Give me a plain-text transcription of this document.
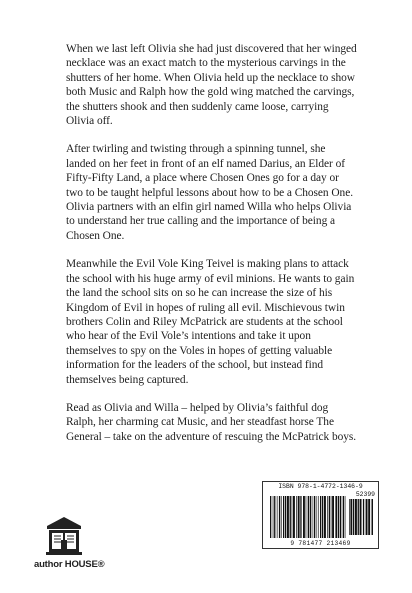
When we last left Olivia she had just discovered that her winged necklace was an exact match to the mysterious carvings in the shutters of her home. When Olivia held up the necklace to show both Music and Ralph how the gold wing matched the carvings, the shutters shook and then suddenly came loose, carrying Olivia off.

After twirling and twisting through a spinning tunnel, she landed on her feet in front of an elf named Darius, an Elder of Fifty-Fifty Land, a place where Chosen Ones go for a day or two to be taught helpful lessons about how to be a Chosen One. Olivia partners with an elfin girl named Willa who helps Olivia to understand her true calling and the importance of being a Chosen One.

Meanwhile the Evil Vole King Teivel is making plans to attack the school with his huge army of evil minions. He wants to gain the land the school sits on so he can increase the size of his Kingdom of Evil in hopes of ruling all evil. Mischievous twin brothers Colin and Riley McPatrick are students at the school who hear of the Evil Vole’s intentions and take it upon themselves to spy on the Voles in hopes of getting valuable information for the leaders of the school, but instead find themselves being captured.

Read as Olivia and Willa – helped by Olivia’s faithful dog Ralph, her charming cat Music, and her steadfast horse The General – take on the adventure of rescuing the McPatrick boys.

ISBN 978-1-4772-1346-9
52399
9 781477 213469
author HOUSE®
